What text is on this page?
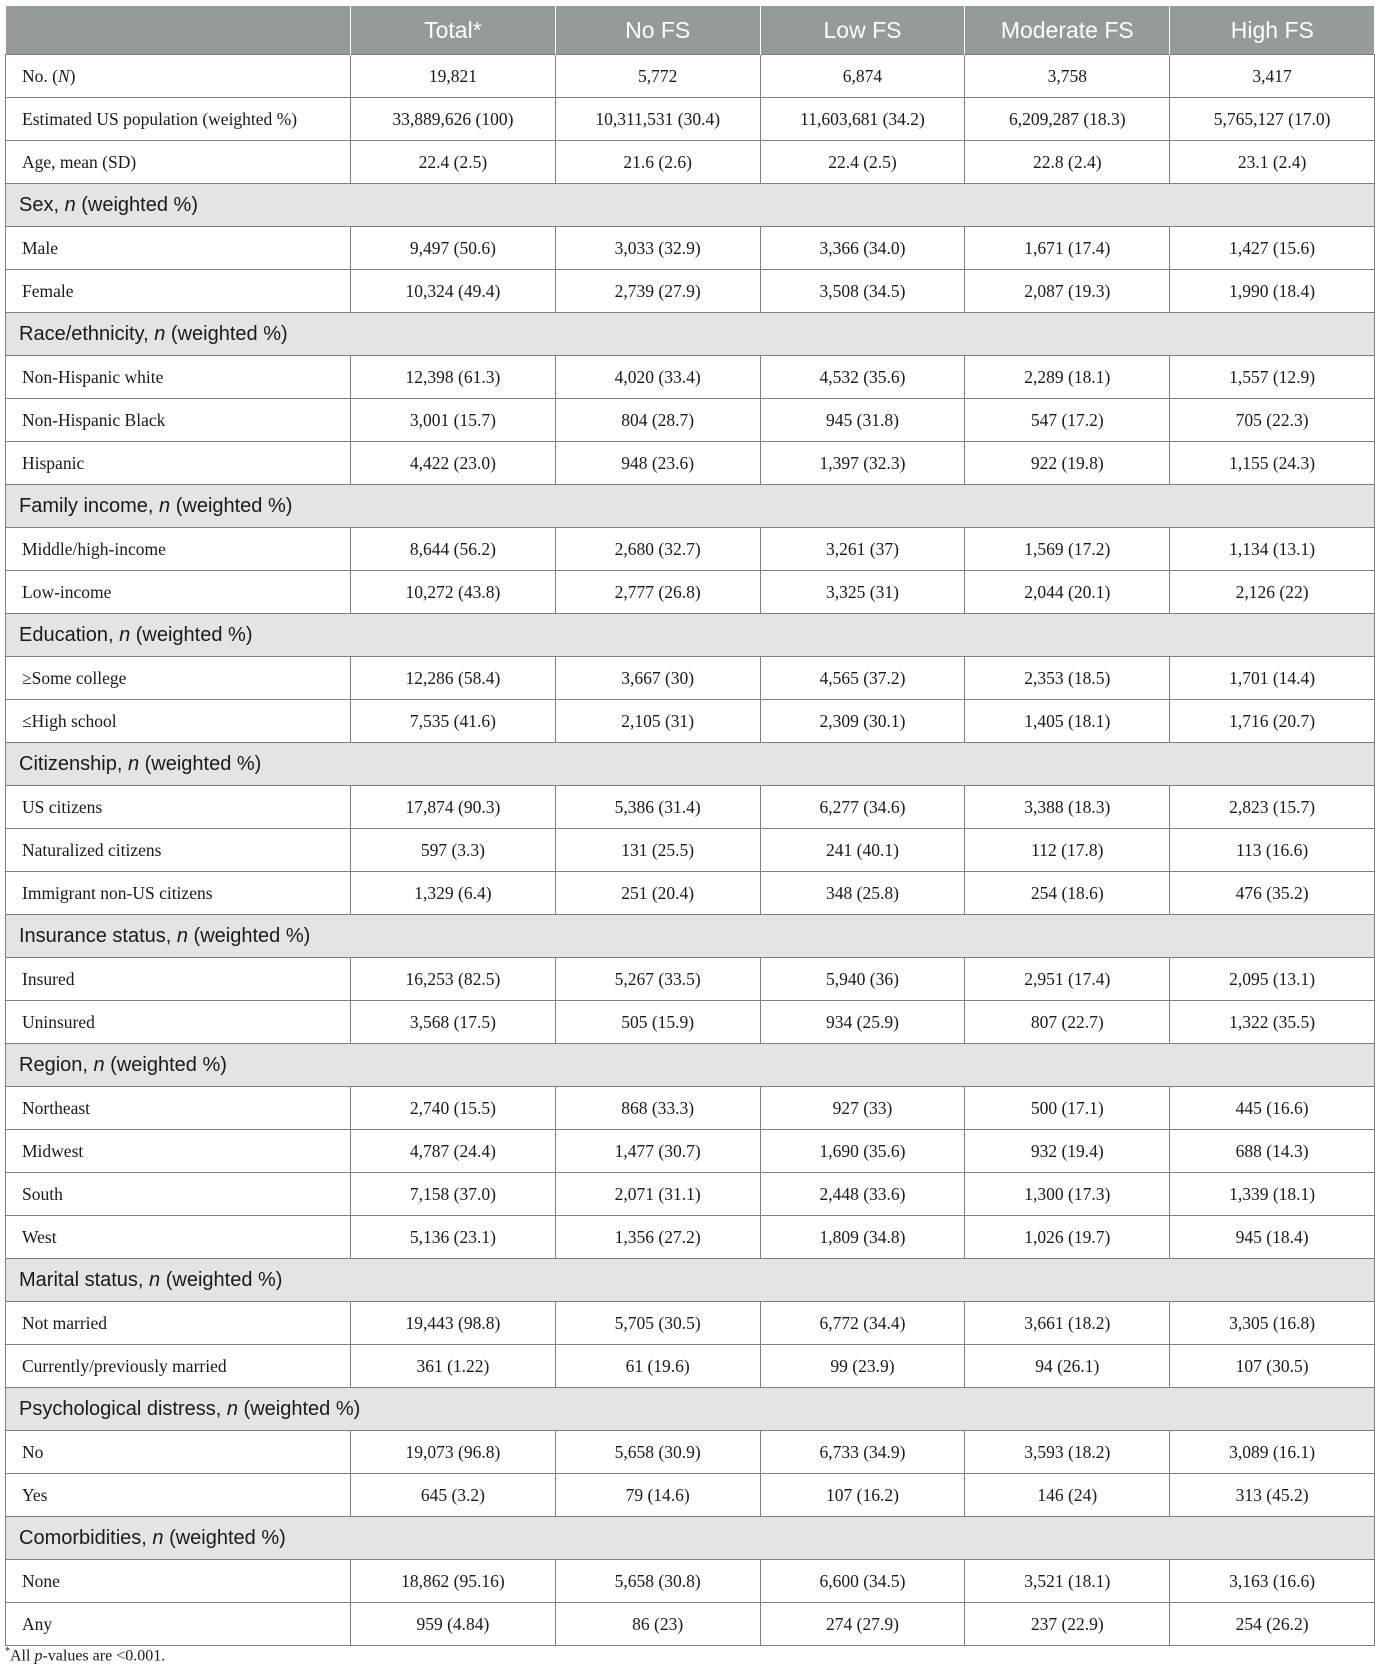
	Total*	No FS	Low FS	Moderate FS	High FS
No. (N)	19,821	5,772	6,874	3,758	3,417
Estimated US population (weighted %)	33,889,626 (100)	10,311,531 (30.4)	11,603,681 (34.2)	6,209,287 (18.3)	5,765,127 (17.0)
Age, mean (SD)	22.4 (2.5)	21.6 (2.6)	22.4 (2.5)	22.8 (2.4)	23.1 (2.4)
Sex, n (weighted %)					
Male	9,497 (50.6)	3,033 (32.9)	3,366 (34.0)	1,671 (17.4)	1,427 (15.6)
Female	10,324 (49.4)	2,739 (27.9)	3,508 (34.5)	2,087 (19.3)	1,990 (18.4)
Race/ethnicity, n (weighted %)					
Non-Hispanic white	12,398 (61.3)	4,020 (33.4)	4,532 (35.6)	2,289 (18.1)	1,557 (12.9)
Non-Hispanic Black	3,001 (15.7)	804 (28.7)	945 (31.8)	547 (17.2)	705 (22.3)
Hispanic	4,422 (23.0)	948 (23.6)	1,397 (32.3)	922 (19.8)	1,155 (24.3)
Family income, n (weighted %)					
Middle/high-income	8,644 (56.2)	2,680 (32.7)	3,261 (37)	1,569 (17.2)	1,134 (13.1)
Low-income	10,272 (43.8)	2,777 (26.8)	3,325 (31)	2,044 (20.1)	2,126 (22)
Education, n (weighted %)					
≥Some college	12,286 (58.4)	3,667 (30)	4,565 (37.2)	2,353 (18.5)	1,701 (14.4)
≤High school	7,535 (41.6)	2,105 (31)	2,309 (30.1)	1,405 (18.1)	1,716 (20.7)
Citizenship, n (weighted %)					
US citizens	17,874 (90.3)	5,386 (31.4)	6,277 (34.6)	3,388 (18.3)	2,823 (15.7)
Naturalized citizens	597 (3.3)	131 (25.5)	241 (40.1)	112 (17.8)	113 (16.6)
Immigrant non-US citizens	1,329 (6.4)	251 (20.4)	348 (25.8)	254 (18.6)	476 (35.2)
Insurance status, n (weighted %)					
Insured	16,253 (82.5)	5,267 (33.5)	5,940 (36)	2,951 (17.4)	2,095 (13.1)
Uninsured	3,568 (17.5)	505 (15.9)	934 (25.9)	807 (22.7)	1,322 (35.5)
Region, n (weighted %)					
Northeast	2,740 (15.5)	868 (33.3)	927 (33)	500 (17.1)	445 (16.6)
Midwest	4,787 (24.4)	1,477 (30.7)	1,690 (35.6)	932 (19.4)	688 (14.3)
South	7,158 (37.0)	2,071 (31.1)	2,448 (33.6)	1,300 (17.3)	1,339 (18.1)
West	5,136 (23.1)	1,356 (27.2)	1,809 (34.8)	1,026 (19.7)	945 (18.4)
Marital status, n (weighted %)					
Not married	19,443 (98.8)	5,705 (30.5)	6,772 (34.4)	3,661 (18.2)	3,305 (16.8)
Currently/previously married	361 (1.22)	61 (19.6)	99 (23.9)	94 (26.1)	107 (30.5)
Psychological distress, n (weighted %)					
No	19,073 (96.8)	5,658 (30.9)	6,733 (34.9)	3,593 (18.2)	3,089 (16.1)
Yes	645 (3.2)	79 (14.6)	107 (16.2)	146 (24)	313 (45.2)
Comorbidities, n (weighted %)					
None	18,862 (95.16)	5,658 (30.8)	6,600 (34.5)	3,521 (18.1)	3,163 (16.6)
Any	959 (4.84)	86 (23)	274 (27.9)	237 (22.9)	254 (26.2)
*All p-values are <0.001.
